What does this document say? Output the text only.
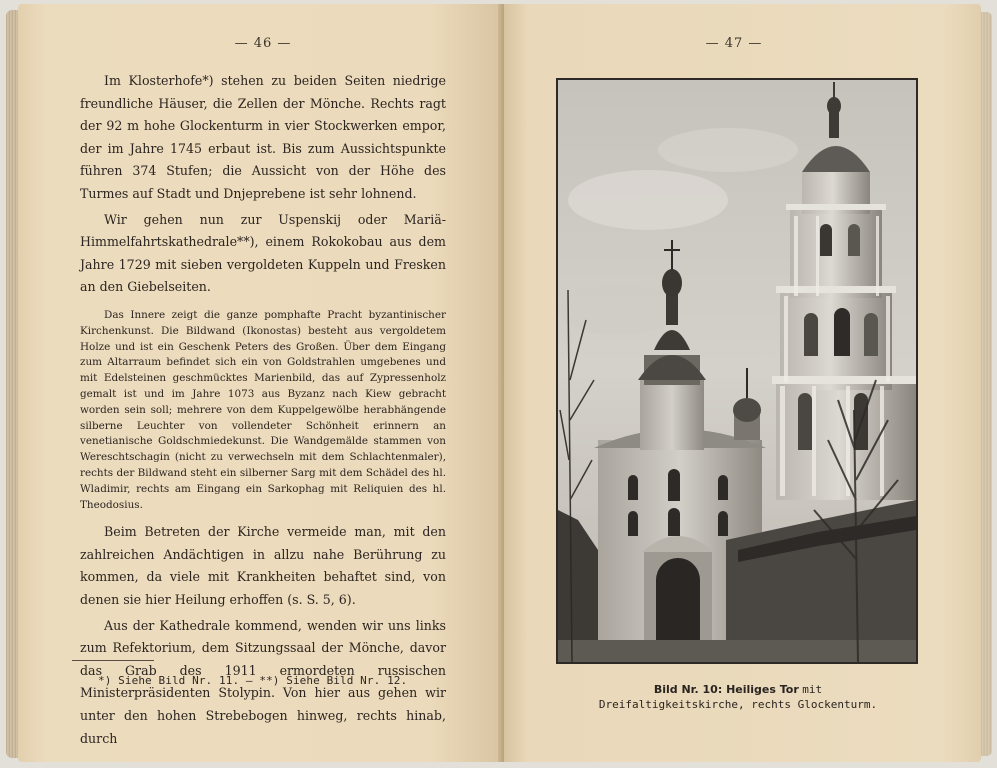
— 46 —

Im Klosterhofe*) stehen zu beiden Seiten niedrige freundliche Häuser, die Zellen der Mönche. Rechts ragt der 92 m hohe Glockenturm in vier Stockwerken empor, der im Jahre 1745 erbaut ist. Bis zum Aussichtspunkte führen 374 Stufen; die Aussicht von der Höhe des Turmes auf Stadt und Dnjeprebene ist sehr lohnend.

Wir gehen nun zur Uspenskij oder Mariä-Himmelfahrtskathedrale**), einem Rokokobau aus dem Jahre 1729 mit sieben vergoldeten Kuppeln und Fresken an den Giebelseiten.

Das Innere zeigt die ganze pomphafte Pracht byzantinischer Kirchenkunst. Die Bildwand (Ikonostas) besteht aus vergoldetem Holze und ist ein Geschenk Peters des Großen. Über dem Eingang zum Altarraum befindet sich ein von Goldstrahlen umgebenes und mit Edelsteinen geschmücktes Marienbild, das auf Zypressenholz gemalt ist und im Jahre 1073 aus Byzanz nach Kiew gebracht worden sein soll; mehrere von dem Kuppelgewölbe herabhängende silberne Leuchter von vollendeter Schönheit erinnern an venetianische Goldschmiedekunst. Die Wandgemälde stammen von Wereschtschagin (nicht zu verwechseln mit dem Schlachtenmaler), rechts der Bildwand steht ein silberner Sarg mit dem Schädel des hl. Wladimir, rechts am Eingang ein Sarkophag mit Reliquien des hl. Theodosius.

Beim Betreten der Kirche vermeide man, mit den zahlreichen Andächtigen in allzu nahe Berührung zu kommen, da viele mit Krankheiten behaftet sind, von denen sie hier Heilung erhoffen (s. S. 5, 6).

Aus der Kathedrale kommend, wenden wir uns links zum Refektorium, dem Sitzungssaal der Mönche, davor das Grab des 1911 ermordeten russischen Ministerpräsidenten Stolypin. Von hier aus gehen wir unter den hohen Strebebogen hinweg, rechts hinab, durch

*) Siehe Bild Nr. 11. — **) Siehe Bild Nr. 12.
— 47 —
Bild Nr. 10: Heiliges Tor mit Dreifaltigkeitskirche, rechts Glockenturm.
